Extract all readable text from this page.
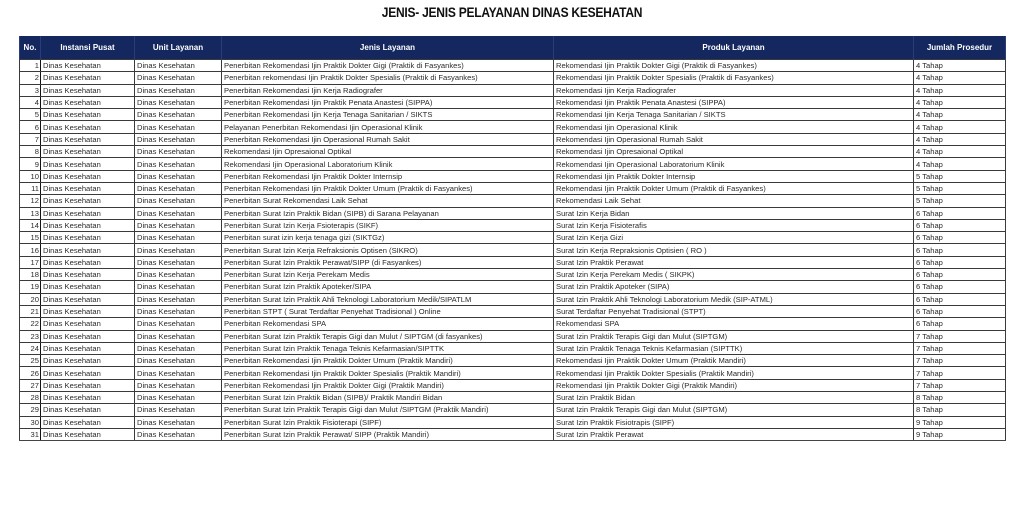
JENIS- JENIS PELAYANAN DINAS KESEHATAN
No.	Instansi Pusat	Unit Layanan	Jenis Layanan	Produk Layanan	Jumlah Prosedur
1	Dinas Kesehatan	Dinas Kesehatan	Penerbitan Rekomendasi Ijin Praktik Dokter Gigi (Praktik di Fasyankes)	Rekomendasi Ijin Praktik Dokter Gigi (Praktik di Fasyankes)	4 Tahap
2	Dinas Kesehatan	Dinas Kesehatan	Penerbitan rekomendasi Ijin Praktik Dokter Spesialis (Praktik di Fasyankes)	Rekomendasi Ijin Praktik Dokter Spesialis (Praktik di Fasyankes)	4 Tahap
3	Dinas Kesehatan	Dinas Kesehatan	Penerbitan Rekomendasi Ijin Kerja Radiografer	Rekomendasi Ijin Kerja Radiografer	4 Tahap
4	Dinas Kesehatan	Dinas Kesehatan	Penerbitan Rekomendasi Ijin Praktik Penata Anastesi (SIPPA)	Rekomendasi Ijin Praktik Penata Anastesi (SIPPA)	4 Tahap
5	Dinas Kesehatan	Dinas Kesehatan	Penerbitan Rekomendasi Ijin Kerja Tenaga Sanitarian / SIKTS	Rekomendasi Ijin Kerja Tenaga Sanitarian / SIKTS	4 Tahap
6	Dinas Kesehatan	Dinas Kesehatan	Pelayanan Penerbitan Rekomendasi Ijin Operasional Klinik	Rekomendasi Ijin Operasional Klinik	4 Tahap
7	Dinas Kesehatan	Dinas Kesehatan	Penerbitan Rekomendasi Ijin Operasional Rumah Sakit	Rekomendasi Ijin Operasional Rumah Sakit	4 Tahap
8	Dinas Kesehatan	Dinas Kesehatan	Rekomendasi Ijin Opresaional Optikal	Rekomendasi Ijin Opresaional Optikal	4 Tahap
9	Dinas Kesehatan	Dinas Kesehatan	Rekomendasi Ijin Operasional Laboratorium Klinik	Rekomendasi Ijin Operasional Laboratorium Klinik	4 Tahap
10	Dinas Kesehatan	Dinas Kesehatan	Penerbitan Rekomendasi Ijin Praktik Dokter Internsip	Rekomendasi Ijin Praktik Dokter Internsip	5 Tahap
11	Dinas Kesehatan	Dinas Kesehatan	Penerbitan Rekomendasi Ijin Praktik Dokter Umum (Praktik di Fasyankes)	Rekomendasi Ijin Praktik Dokter Umum (Praktik di Fasyankes)	5 Tahap
12	Dinas Kesehatan	Dinas Kesehatan	Penerbitan Surat Rekomendasi Laik Sehat	Rekomendasi Laik Sehat	5 Tahap
13	Dinas Kesehatan	Dinas Kesehatan	Penerbitan Surat Izin Praktik Bidan (SIPB) di Sarana Pelayanan	Surat Izin Kerja Bidan	6 Tahap
14	Dinas Kesehatan	Dinas Kesehatan	Penerbitan Surat Izin Kerja Fsioterapis (SIKF)	Surat Izin Kerja Fisioterafis	6 Tahap
15	Dinas Kesehatan	Dinas Kesehatan	Penerbitan surat izin kerja tenaga gizi (SIKTGz)	Surat Izin Kerja Gizi	6 Tahap
16	Dinas Kesehatan	Dinas Kesehatan	Penerbitan Surat Izin Kerja Refraksionis Optisen (SIKRO)	Surat Izin Kerja Repraksionis Optisien ( RO )	6 Tahap
17	Dinas Kesehatan	Dinas Kesehatan	Penerbitan Surat Izin Praktik Perawat/SIPP (di Fasyankes)	Surat Izin Praktik Perawat	6 Tahap
18	Dinas Kesehatan	Dinas Kesehatan	Penerbitan Surat Izin Kerja Perekam Medis	Surat Izin Kerja Perekam Medis ( SIKPK)	6 Tahap
19	Dinas Kesehatan	Dinas Kesehatan	Penerbitan Surat Izin Praktik Apoteker/SIPA	Surat Izin Praktik Apoteker (SIPA)	6 Tahap
20	Dinas Kesehatan	Dinas Kesehatan	Penerbitan Surat Izin Praktik Ahli Teknologi Laboratorium Medik/SIPATLM	Surat Izin Praktik Ahli Teknologi Laboratorium Medik (SIP-ATML)	6 Tahap
21	Dinas Kesehatan	Dinas Kesehatan	Penerbitan STPT ( Surat Terdaftar Penyehat Tradisional ) Online	Surat Terdaftar Penyehat Tradisional (STPT)	6 Tahap
22	Dinas Kesehatan	Dinas Kesehatan	Penerbitan Rekomendasi SPA	Rekomendasi SPA	6 Tahap
23	Dinas Kesehatan	Dinas Kesehatan	Penerbitan Surat Izin Praktik Terapis Gigi dan Mulut / SIPTGM (di fasyankes)	Surat Izin Praktik Terapis Gigi dan Mulut (SIPTGM)	7 Tahap
24	Dinas Kesehatan	Dinas Kesehatan	Penerbitan Surat Izin Praktik Tenaga Teknis Kefarmasian/SIPTTK	Surat Izin Praktik Tenaga Teknis Kefarmasian (SIPTTK)	7 Tahap
25	Dinas Kesehatan	Dinas Kesehatan	Penerbitan Rekomendasi Ijin Praktik Dokter Umum (Praktik Mandiri)	Rekomendasi Ijin Praktik Dokter Umum (Praktik Mandiri)	7 Tahap
26	Dinas Kesehatan	Dinas Kesehatan	Penerbitan Rekomendasi Ijin Praktik Dokter Spesialis (Praktik Mandiri)	Rekomendasi Ijin Praktik Dokter Spesialis (Praktik Mandiri)	7 Tahap
27	Dinas Kesehatan	Dinas Kesehatan	Penerbitan Rekomendasi Ijin Praktik Dokter Gigi (Praktik Mandiri)	Rekomendasi Ijin Praktik Dokter Gigi (Praktik Mandiri)	7 Tahap
28	Dinas Kesehatan	Dinas Kesehatan	Penerbitan Surat Izin Praktik Bidan (SIPB)/ Praktik Mandiri Bidan	Surat Izin Praktik Bidan	8 Tahap
29	Dinas Kesehatan	Dinas Kesehatan	Penerbitan Surat Izin Praktik Terapis Gigi dan Mulut /SIPTGM (Praktik Mandiri)	Surat Izin Praktik Terapis Gigi dan Mulut (SIPTGM)	8 Tahap
30	Dinas Kesehatan	Dinas Kesehatan	Penerbitan Surat Izin Praktik Fisioterapi (SIPF)	Surat Izin Praktik Fisiotrapis (SIPF)	9 Tahap
31	Dinas Kesehatan	Dinas Kesehatan	Penerbitan Surat Izin Praktik Perawat/ SIPP (Praktik Mandiri)	Surat Izin Praktik Perawat	9 Tahap
